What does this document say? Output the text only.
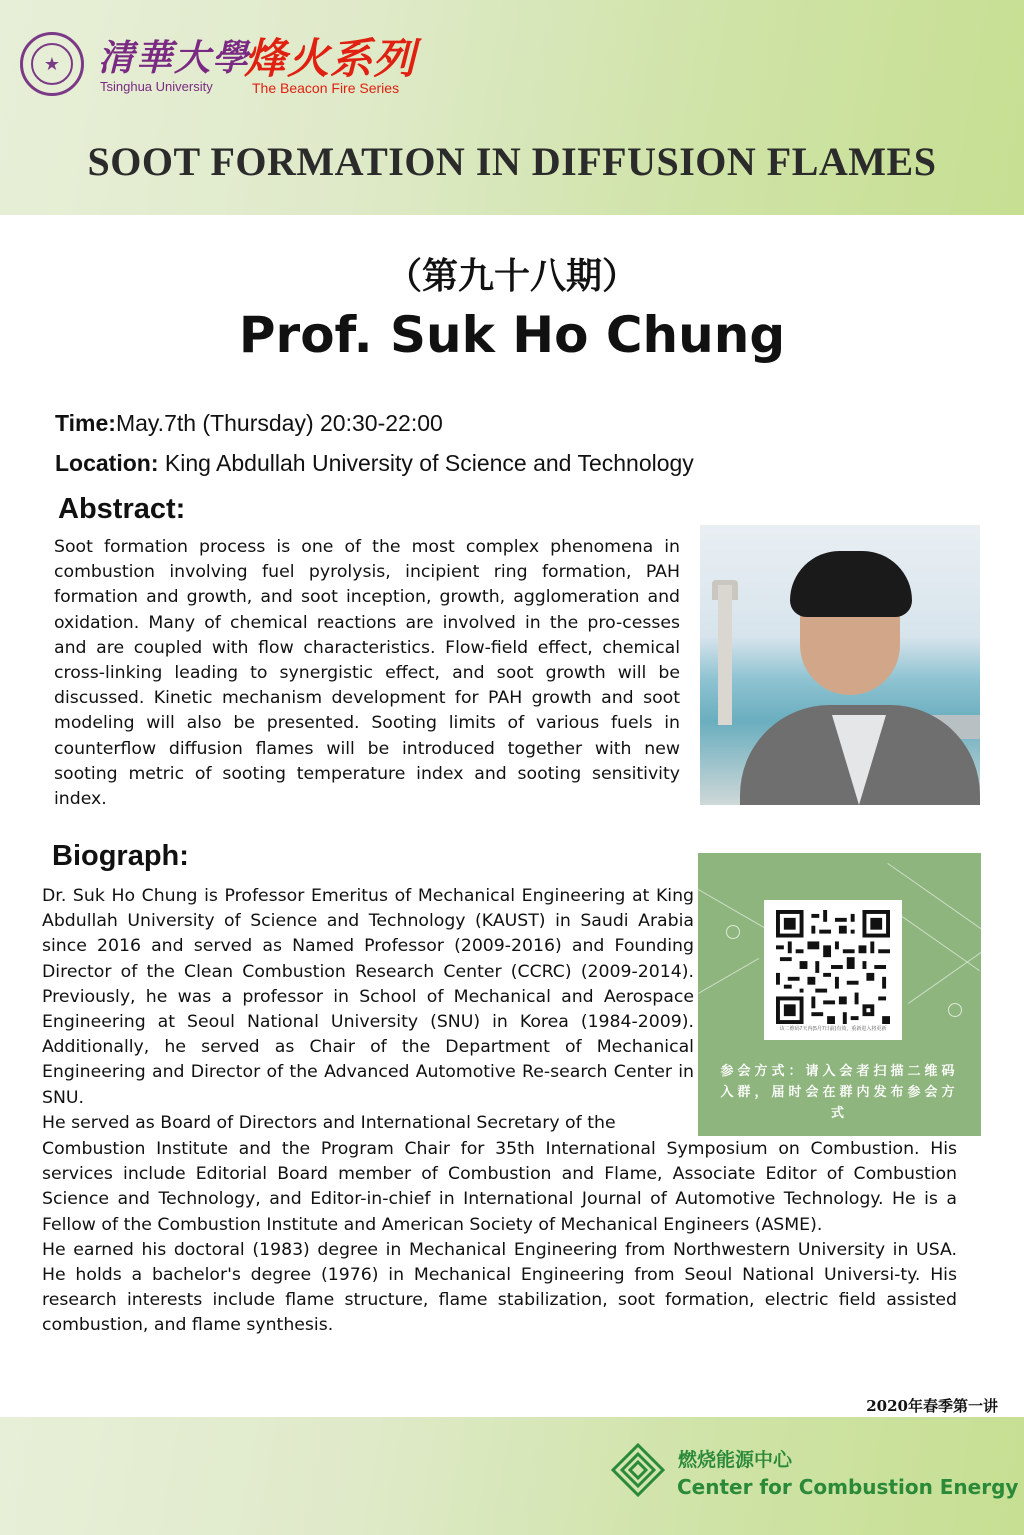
★	清華大學
Tsinghua University
烽火系列
The Beacon Fire Series
SOOT FORMATION IN DIFFUSION FLAMES
（第九十八期）
Prof. Suk Ho Chung
Time:May.7th (Thursday) 20:30-22:00
Location: King Abdullah University of Science and Technology
Abstract:
Soot formation process is one of the most complex phenomena in combustion involving fuel pyrolysis, incipient ring formation, PAH formation and growth, and soot inception, growth, agglomeration and oxidation. Many of chemical reactions are involved in the pro-cesses and are coupled with flow characteristics. Flow-field effect, chemical cross-linking leading to synergistic effect, and soot growth will be discussed. Kinetic mechanism development for PAH growth and soot modeling will also be presented. Sooting limits of various fuels in counterflow diffusion flames will be introduced together with new sooting metric of sooting temperature index and sooting sensitivity index.
Biograph:

Dr. Suk Ho Chung is Professor Emeritus of Mechanical Engineering at King Abdullah University of Science and Technology (KAUST) in Saudi Arabia since 2016 and served as Named Professor (2009-2016) and Founding Director of the Clean Combustion Research Center (CCRC) (2009-2014). Previously, he was a professor in School of Mechanical and Aerospace Engineering at Seoul National University (SNU) in Korea (1984-2009). Additionally, he served as Chair of the Department of Mechanical Engineering and Director of the Advanced Automotive Re-search Center in SNU.

He served as Board of Directors and International Secretary of the

该二维码7天内(5月7日前)有效，重新进入将更新
参会方式：请入会者扫描二维码入群，届时会在群内发布参会方式

Combustion Institute and the Program Chair for 35th International Symposium on Combustion. His services include Editorial Board member of Combustion and Flame, Associate Editor of Combustion Science and Technology, and Editor-in-chief in International Journal of Automotive Technology. He is a Fellow of the Combustion Institute and American Society of Mechanical Engineers (ASME).

He earned his doctoral (1983) degree in Mechanical Engineering from Northwestern University in USA. He holds a bachelor's degree (1976) in Mechanical Engineering from Seoul National Universi-ty. His research interests include flame structure, flame stabilization, soot formation, electric field assisted combustion, and flame synthesis.

2020年春季第一讲
燃烧能源中心
Center for Combustion Energy
